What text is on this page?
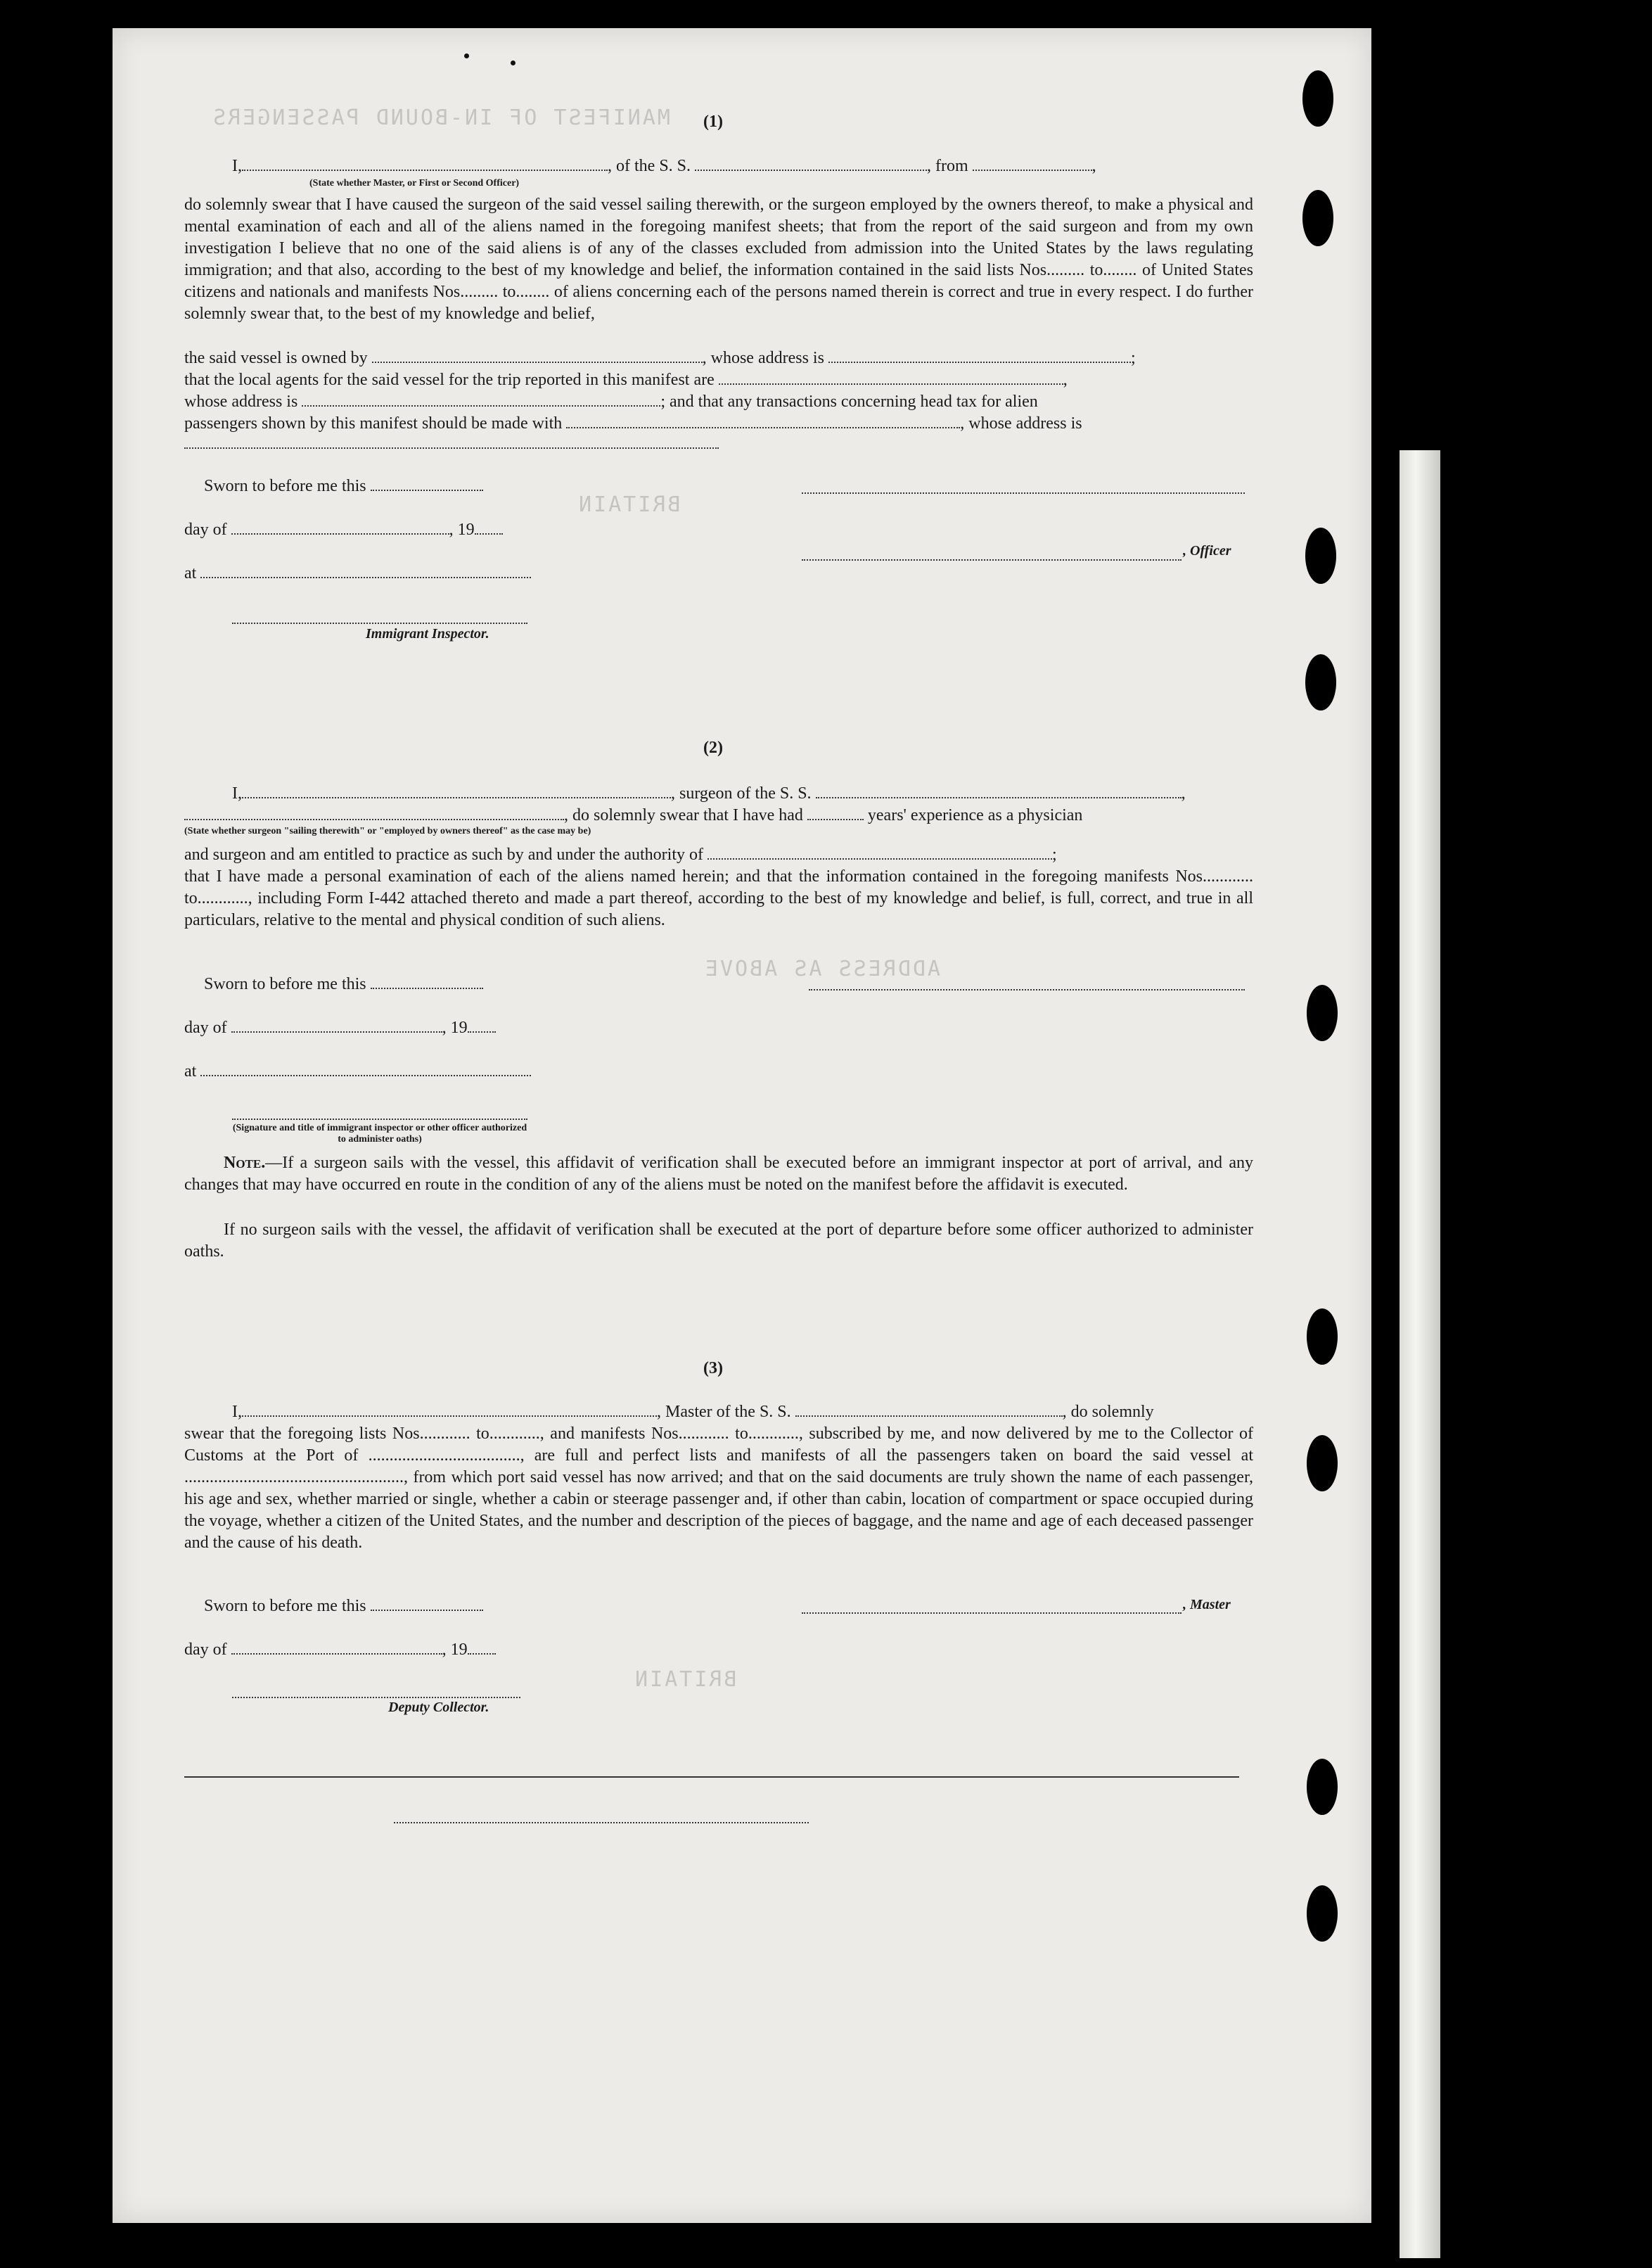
MANIFEST OF IN-BOUND PASSENGERS
BRITAIN
ADDRESS AS ABOVE
BRITAIN

(1)
I,	, of the S. S.	, from	,
(State whether Master, or First or Second Officer)
do solemnly swear that I have caused the surgeon of the said vessel sailing therewith, or the surgeon employed by the owners thereof, to make a physical and mental examination of each and all of the aliens named in the foregoing manifest sheets; that from the report of the said surgeon and from my own investigation I believe that no one of the said aliens is of any of the classes excluded from admission into the United States by the laws regulating immigration; and that also, according to the best of my knowledge and belief, the information contained in the said lists Nos......... to........ of United States citizens and nationals and manifests Nos......... to........ of aliens concerning each of the persons named therein is correct and true in every respect. I do further solemnly swear that, to the best of my knowledge and belief,
the said vessel is owned by	, whose address is	;
that the local agents for the said vessel for the trip reported in this manifest are	,
whose address is	; and that any transactions concerning head tax for alien
passengers shown by this manifest should be made with	, whose address is
Sworn to before me this
day of	, 19
, Officer
at
Immigrant Inspector.
(2)
I,	, surgeon of the S. S.	,
, do solemnly swear that I have had	years' experience as a physician
(State whether surgeon "sailing therewith" or "employed by owners thereof" as the case may be)
and surgeon and am entitled to practice as such by and under the authority of	;
that I have made a personal examination of each of the aliens named herein; and that the information contained in the foregoing manifests Nos............ to............, including Form I-442 attached thereto and made a part thereof, according to the best of my knowledge and belief, is full, correct, and true in all particulars, relative to the mental and physical condition of such aliens.
Sworn to before me this
day of	, 19
at
(Signature and title of immigrant inspector or other officer authorized to administer oaths)
Note.—If a surgeon sails with the vessel, this affidavit of verification shall be executed before an immigrant inspector at port of arrival, and any changes that may have occurred en route in the condition of any of the aliens must be noted on the manifest before the affidavit is executed.
If no surgeon sails with the vessel, the affidavit of verification shall be executed at the port of departure before some officer authorized to administer oaths.
(3)
I,	, Master of the S. S.	, do solemnly
swear that the foregoing lists Nos............ to............, and manifests Nos............ to............, subscribed by me, and now delivered by me to the Collector of Customs at the Port of ...................................., are full and perfect lists and manifests of all the passengers taken on board the said vessel at ...................................................., from which port said vessel has now arrived; and that on the said documents are truly shown the name of each passenger, his age and sex, whether married or single, whether a cabin or steerage passenger and, if other than cabin, location of compartment or space occupied during the voyage, whether a citizen of the United States, and the number and description of the pieces of baggage, and the name and age of each deceased passenger and the cause of his death.
Sworn to before me this	, Master
day of	, 19
Deputy Collector.
